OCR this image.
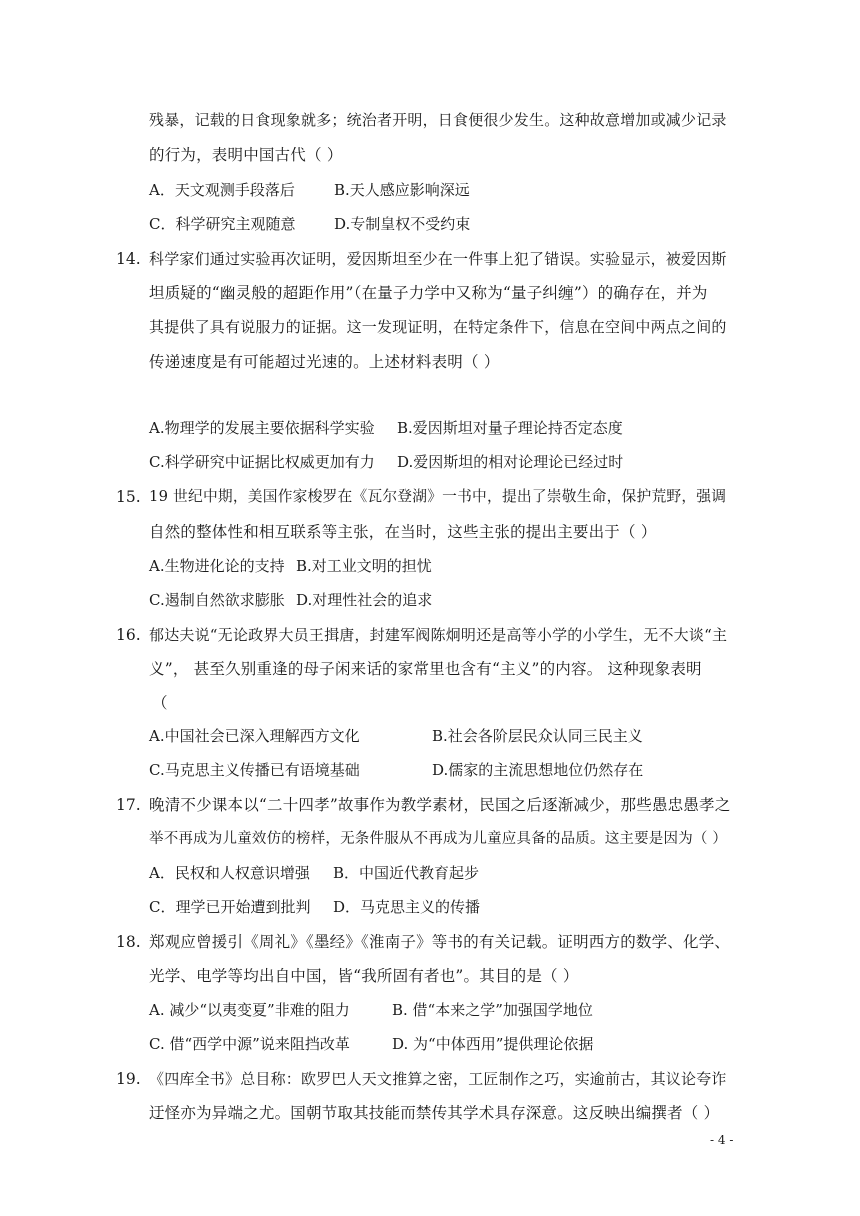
残暴，记载的日食现象就多；统治者开明，日食便很少发生。这种故意增加或减少记录
的行为，表明中国古代（ ）
A．天文观测手段落后	B.天人感应影响深远
C．科学研究主观随意	D.专制皇权不受约束
14. 科学家们通过实验再次证明，爱因斯坦至少在一件事上犯了错误。实验显示，被爱因斯
坦质疑的“幽灵般的超距作用”（在量子力学中又称为“量子纠缠”）的确存在，并为
其提供了具有说服力的证据。这一发现证明，在特定条件下，信息在空间中两点之间的
传递速度是有可能超过光速的。上述材料表明（ ）
A.物理学的发展主要依据科学实验 B.爱因斯坦对量子理论持否定态度
C.科学研究中证据比权威更加有力 D.爱因斯坦的相对论理论已经过时
15. 19 世纪中期，美国作家梭罗在《瓦尔登湖》一书中，提出了崇敬生命，保护荒野，强调
自然的整体性和相互联系等主张，在当时，这些主张的提出主要出于（ ）
A.生物进化论的支持 B.对工业文明的担忧
C.遏制自然欲求膨胀 D.对理性社会的追求
16. 郁达夫说“无论政界大员王揖唐，封建军阀陈炯明还是高等小学的小学生，无不大谈“主
义”， 甚至久别重逢的母子闲来话的家常里也含有“主义”的内容。 这种现象表明
（
A.中国社会已深入理解西方文化	B.社会各阶层民众认同三民主义
C.马克思主义传播已有语境基础	D.儒家的主流思想地位仍然存在
17. 晚清不少课本以“二十四孝”故事作为教学素材，民国之后逐渐减少，那些愚忠愚孝之
举不再成为儿童效仿的榜样，无条件服从不再成为儿童应具备的品质。这主要是因为（ ）
A．民权和人权意识增强 B．中国近代教育起步
C．理学已开始遭到批判 D．马克思主义的传播
18. 郑观应曾援引《周礼》《墨经》《淮南子》等书的有关记载。证明西方的数学、化学、
光学、电学等均出自中国，皆“我所固有者也”。其目的是（ ）
A. 减少“以夷变夏”非难的阻力	B. 借“本来之学”加强国学地位
C. 借“西学中源”说来阻挡改革	D. 为“中体西用”提供理论依据
19. 《四库全书》总目称：欧罗巴人天文推算之密，工匠制作之巧，实逾前古，其议论夸诈
迂怪亦为异端之尤。国朝节取其技能而禁传其学术具存深意。这反映出编撰者（ ）
- 4 -
